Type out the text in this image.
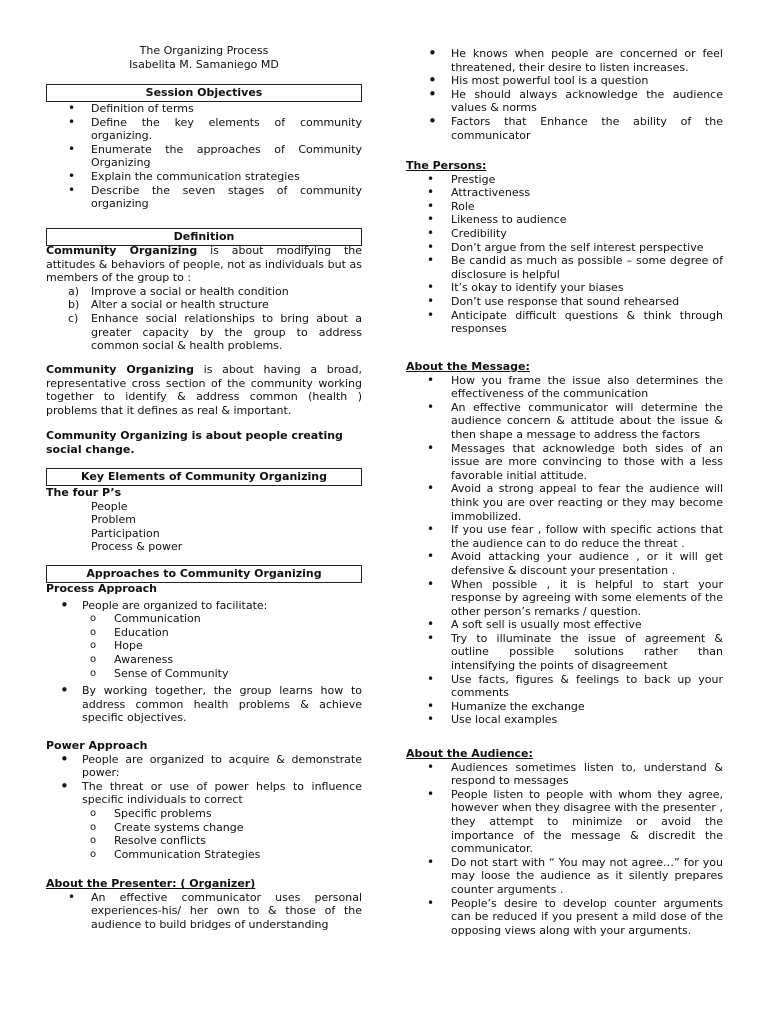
The Organizing Process
Isabelita M. Samaniego MD
Session Objectives
• Definition of terms
• Define the key elements of community organizing.
• Enumerate the approaches of Community Organizing
• Explain the communication strategies
• Describe the seven stages of community organizing
Definition

Community Organizing is about modifying the attitudes & behaviors of people, not as individuals but as members of the group to :

a) Improve a social or health condition
b) Alter a social or health structure
c) Enhance social relationships to bring about a greater capacity by the group to address common social & health problems.

Community Organizing is about having a broad, representative cross section of the community working together to identify & address common (health ) problems that it defines as real & important.

Community Organizing is about people creating social change.

Key Elements of Community Organizing
The four P’s
People
Problem
Participation
Process & power
Approaches to Community Organizing
Process Approach
• People are organized to facilitate:
o Communication
o Education
o Hope
o Awareness
o Sense of Community
• By working together, the group learns how to address common health problems & achieve specific objectives.
Power Approach
• People are organized to acquire & demonstrate power:
• The threat or use of power helps to influence specific individuals to correct
o Specific problems
o Create systems change
o Resolve conflicts
o Communication Strategies
About the Presenter: ( Organizer)
• An effective communicator uses personal experiences-his/ her own to & those of the audience to build bridges of understanding
• He knows when people are concerned or feel threatened, their desire to listen increases.
• His most powerful tool is a question
• He should always acknowledge the audience values & norms
• Factors that Enhance the ability of the communicator
The Persons:
• Prestige
• Attractiveness
• Role
• Likeness to audience
• Credibility
• Don’t argue from the self interest perspective
• Be candid as much as possible – some degree of disclosure is helpful
• It’s okay to identify your biases
• Don’t use response that sound rehearsed
• Anticipate difficult questions & think through responses
About the Message:
• How you frame the issue also determines the effectiveness of the communication
• An effective communicator will determine the audience concern & attitude about the issue & then shape a message to address the factors
• Messages that acknowledge both sides of an issue are more convincing to those with a less favorable initial attitude.
• Avoid a strong appeal to fear the audience will think you are over reacting or they may become immobilized.
• If you use fear , follow with specific actions that the audience can to do reduce the threat .
• Avoid attacking your audience , or it will get defensive & discount your presentation .
• When possible , it is helpful to start your response by agreeing with some elements of the other person’s remarks / question.
• A soft sell is usually most effective
• Try to illuminate the issue of agreement & outline possible solutions rather than intensifying the points of disagreement
• Use facts, figures & feelings to back up your comments
• Humanize the exchange
• Use local examples
About the Audience:
• Audiences sometimes listen to, understand & respond to messages
• People listen to people with whom they agree, however when they disagree with the presenter , they attempt to minimize or avoid the importance of the message & discredit the communicator.
• Do not start with “ You may not agree…” for you may loose the audience as it silently prepares counter arguments .
• People’s desire to develop counter arguments can be reduced if you present a mild dose of the opposing views along with your arguments.
